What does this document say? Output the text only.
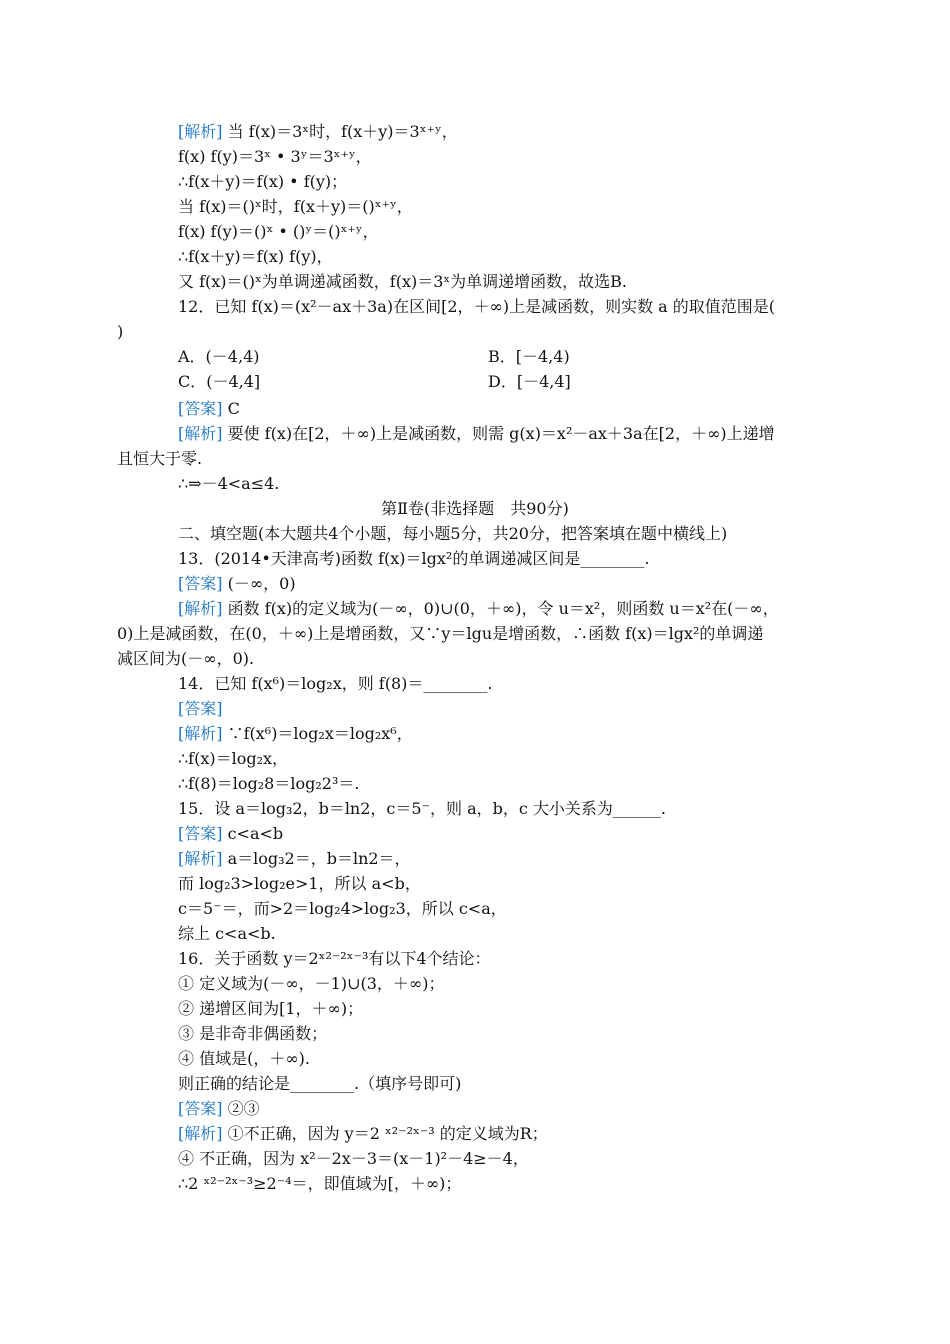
[解析] 当 f(x)＝3ˣ时，f(x＋y)＝3ˣ⁺ʸ，
f(x) f(y)＝3ˣ • 3ʸ＝3ˣ⁺ʸ，
∴f(x＋y)＝f(x) • f(y)；
当 f(x)＝()ˣ时，f(x＋y)＝()ˣ⁺ʸ，
f(x) f(y)＝()ˣ • ()ʸ＝()ˣ⁺ʸ，
∴f(x＋y)＝f(x) f(y)，
又 f(x)＝()ˣ为单调递减函数，f(x)＝3ˣ为单调递增函数，故选B.
12．已知 f(x)＝(x²－ax＋3a)在区间[2，＋∞)上是减函数，则实数 a 的取值范围是(
)
A．(－4,4)	B．[－4,4)
C．(－4,4]	D．[－4,4]
[答案] C
[解析] 要使 f(x)在[2，＋∞)上是减函数，则需 g(x)＝x²－ax＋3a在[2，＋∞)上递增
且恒大于零.
∴⇒－4<a≤4.
第Ⅱ卷(非选择题　共90分)
二、填空题(本大题共4个小题，每小题5分，共20分，把答案填在题中横线上)
13．(2014•天津高考)函数 f(x)＝lgx²的单调递减区间是________.
[答案] (－∞，0)
[解析] 函数 f(x)的定义域为(－∞，0)∪(0，＋∞)，令 u＝x²，则函数 u＝x²在(－∞，
0)上是减函数，在(0，＋∞)上是增函数，又∵y＝lgu是增函数，∴函数 f(x)＝lgx²的单调递
减区间为(－∞，0).
14．已知 f(x⁶)＝log₂x，则 f(8)＝________.
[答案]
[解析] ∵f(x⁶)＝log₂x＝log₂x⁶，
∴f(x)＝log₂x，
∴f(8)＝log₂8＝log₂2³＝.
15．设 a＝log₃2，b＝ln2，c＝5⁻，则 a，b，c 大小关系为______.
[答案] c<a<b
[解析] a＝log₃2＝，b＝ln2＝，
而 log₂3>log₂e>1，所以 a<b，
c＝5⁻＝，而>2＝log₂4>log₂3，所以 c<a，
综上 c<a<b.
16．关于函数 y＝2ˣ²⁻²ˣ⁻³有以下4个结论：
① 定义域为(－∞，－1)∪(3，＋∞)；
② 递增区间为[1，＋∞)；
③ 是非奇非偶函数；
④ 值域是(，＋∞).
则正确的结论是________.（填序号即可)
[答案] ②③
[解析] ①不正确，因为 y＝2 ˣ²⁻²ˣ⁻³ 的定义域为R；
④ 不正确，因为 x²－2x－3＝(x－1)²－4≥－4，
∴2 ˣ²⁻²ˣ⁻³≥2⁻⁴＝，即值域为[，＋∞)；
